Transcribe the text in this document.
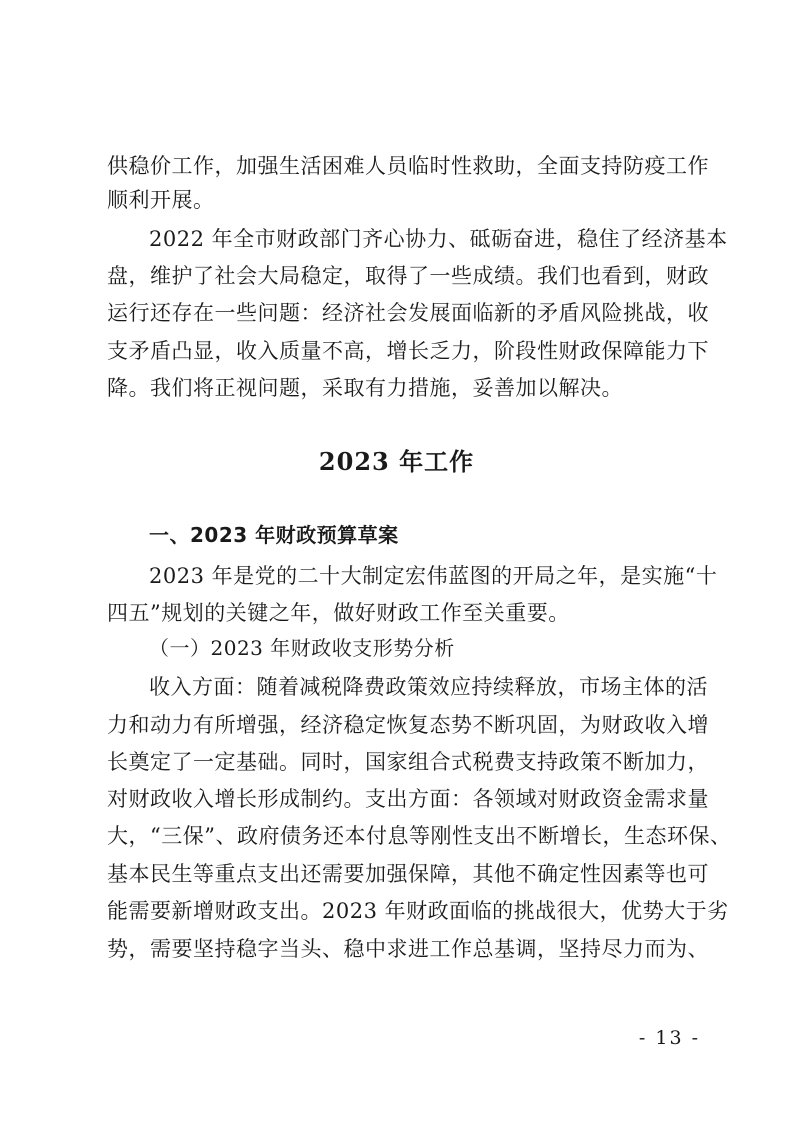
供稳价工作，加强生活困难人员临时性救助，全面支持防疫工作
顺利开展。
2022 年全市财政部门齐心协力、砥砺奋进，稳住了经济基本
盘，维护了社会大局稳定，取得了一些成绩。我们也看到，财政
运行还存在一些问题：经济社会发展面临新的矛盾风险挑战，收
支矛盾凸显，收入质量不高，增长乏力，阶段性财政保障能力下
降。我们将正视问题，采取有力措施，妥善加以解决。
2023 年工作
一、2023 年财政预算草案
2023 年是党的二十大制定宏伟蓝图的开局之年，是实施“十
四五”规划的关键之年，做好财政工作至关重要。
（一）2023 年财政收支形势分析
收入方面：随着减税降费政策效应持续释放，市场主体的活
力和动力有所增强，经济稳定恢复态势不断巩固，为财政收入增
长奠定了一定基础。同时，国家组合式税费支持政策不断加力，
对财政收入增长形成制约。支出方面：各领域对财政资金需求量
大，“三保”、政府债务还本付息等刚性支出不断增长，生态环保、
基本民生等重点支出还需要加强保障，其他不确定性因素等也可
能需要新增财政支出。2023 年财政面临的挑战很大，优势大于劣
势，需要坚持稳字当头、稳中求进工作总基调，坚持尽力而为、
- 13 -
